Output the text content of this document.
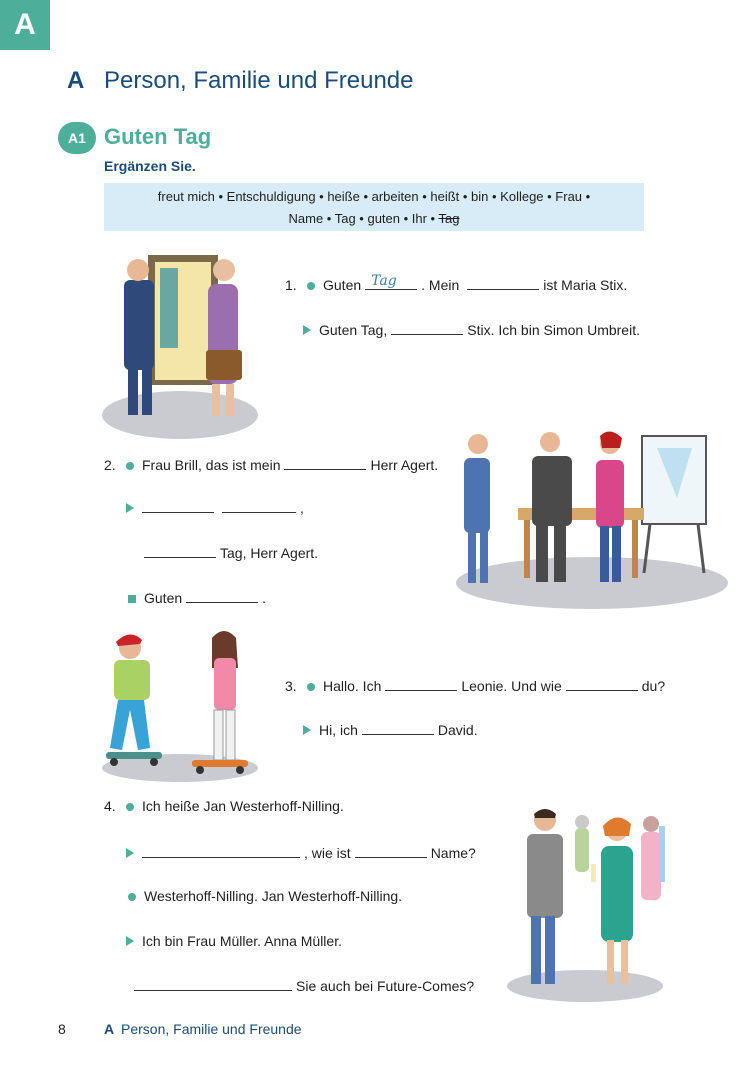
A
A Person, Familie und Freunde
A1 Guten Tag
Ergänzen Sie.
freut mich • Entschuldigung • heiße • arbeiten • heißt • bin • Kollege • Frau •
Name • Tag • guten • Ihr • Tag
1.	Guten Tag . Mein	ist Maria Stix.
Guten Tag,	Stix. Ich bin Simon Umbreit.
2.	Frau Brill, das ist mein	Herr Agert.
,
Tag, Herr Agert.
Guten	.
3.	Hallo. Ich	Leonie. Und wie	du?
Hi, ich	David.
4.	Ich heiße Jan Westerhoff-Nilling.
, wie ist	Name?
Westerhoff-Nilling. Jan Westerhoff-Nilling.
Ich bin Frau Müller. Anna Müller.
Sie auch bei Future-Comes?
8	A Person, Familie und Freunde
